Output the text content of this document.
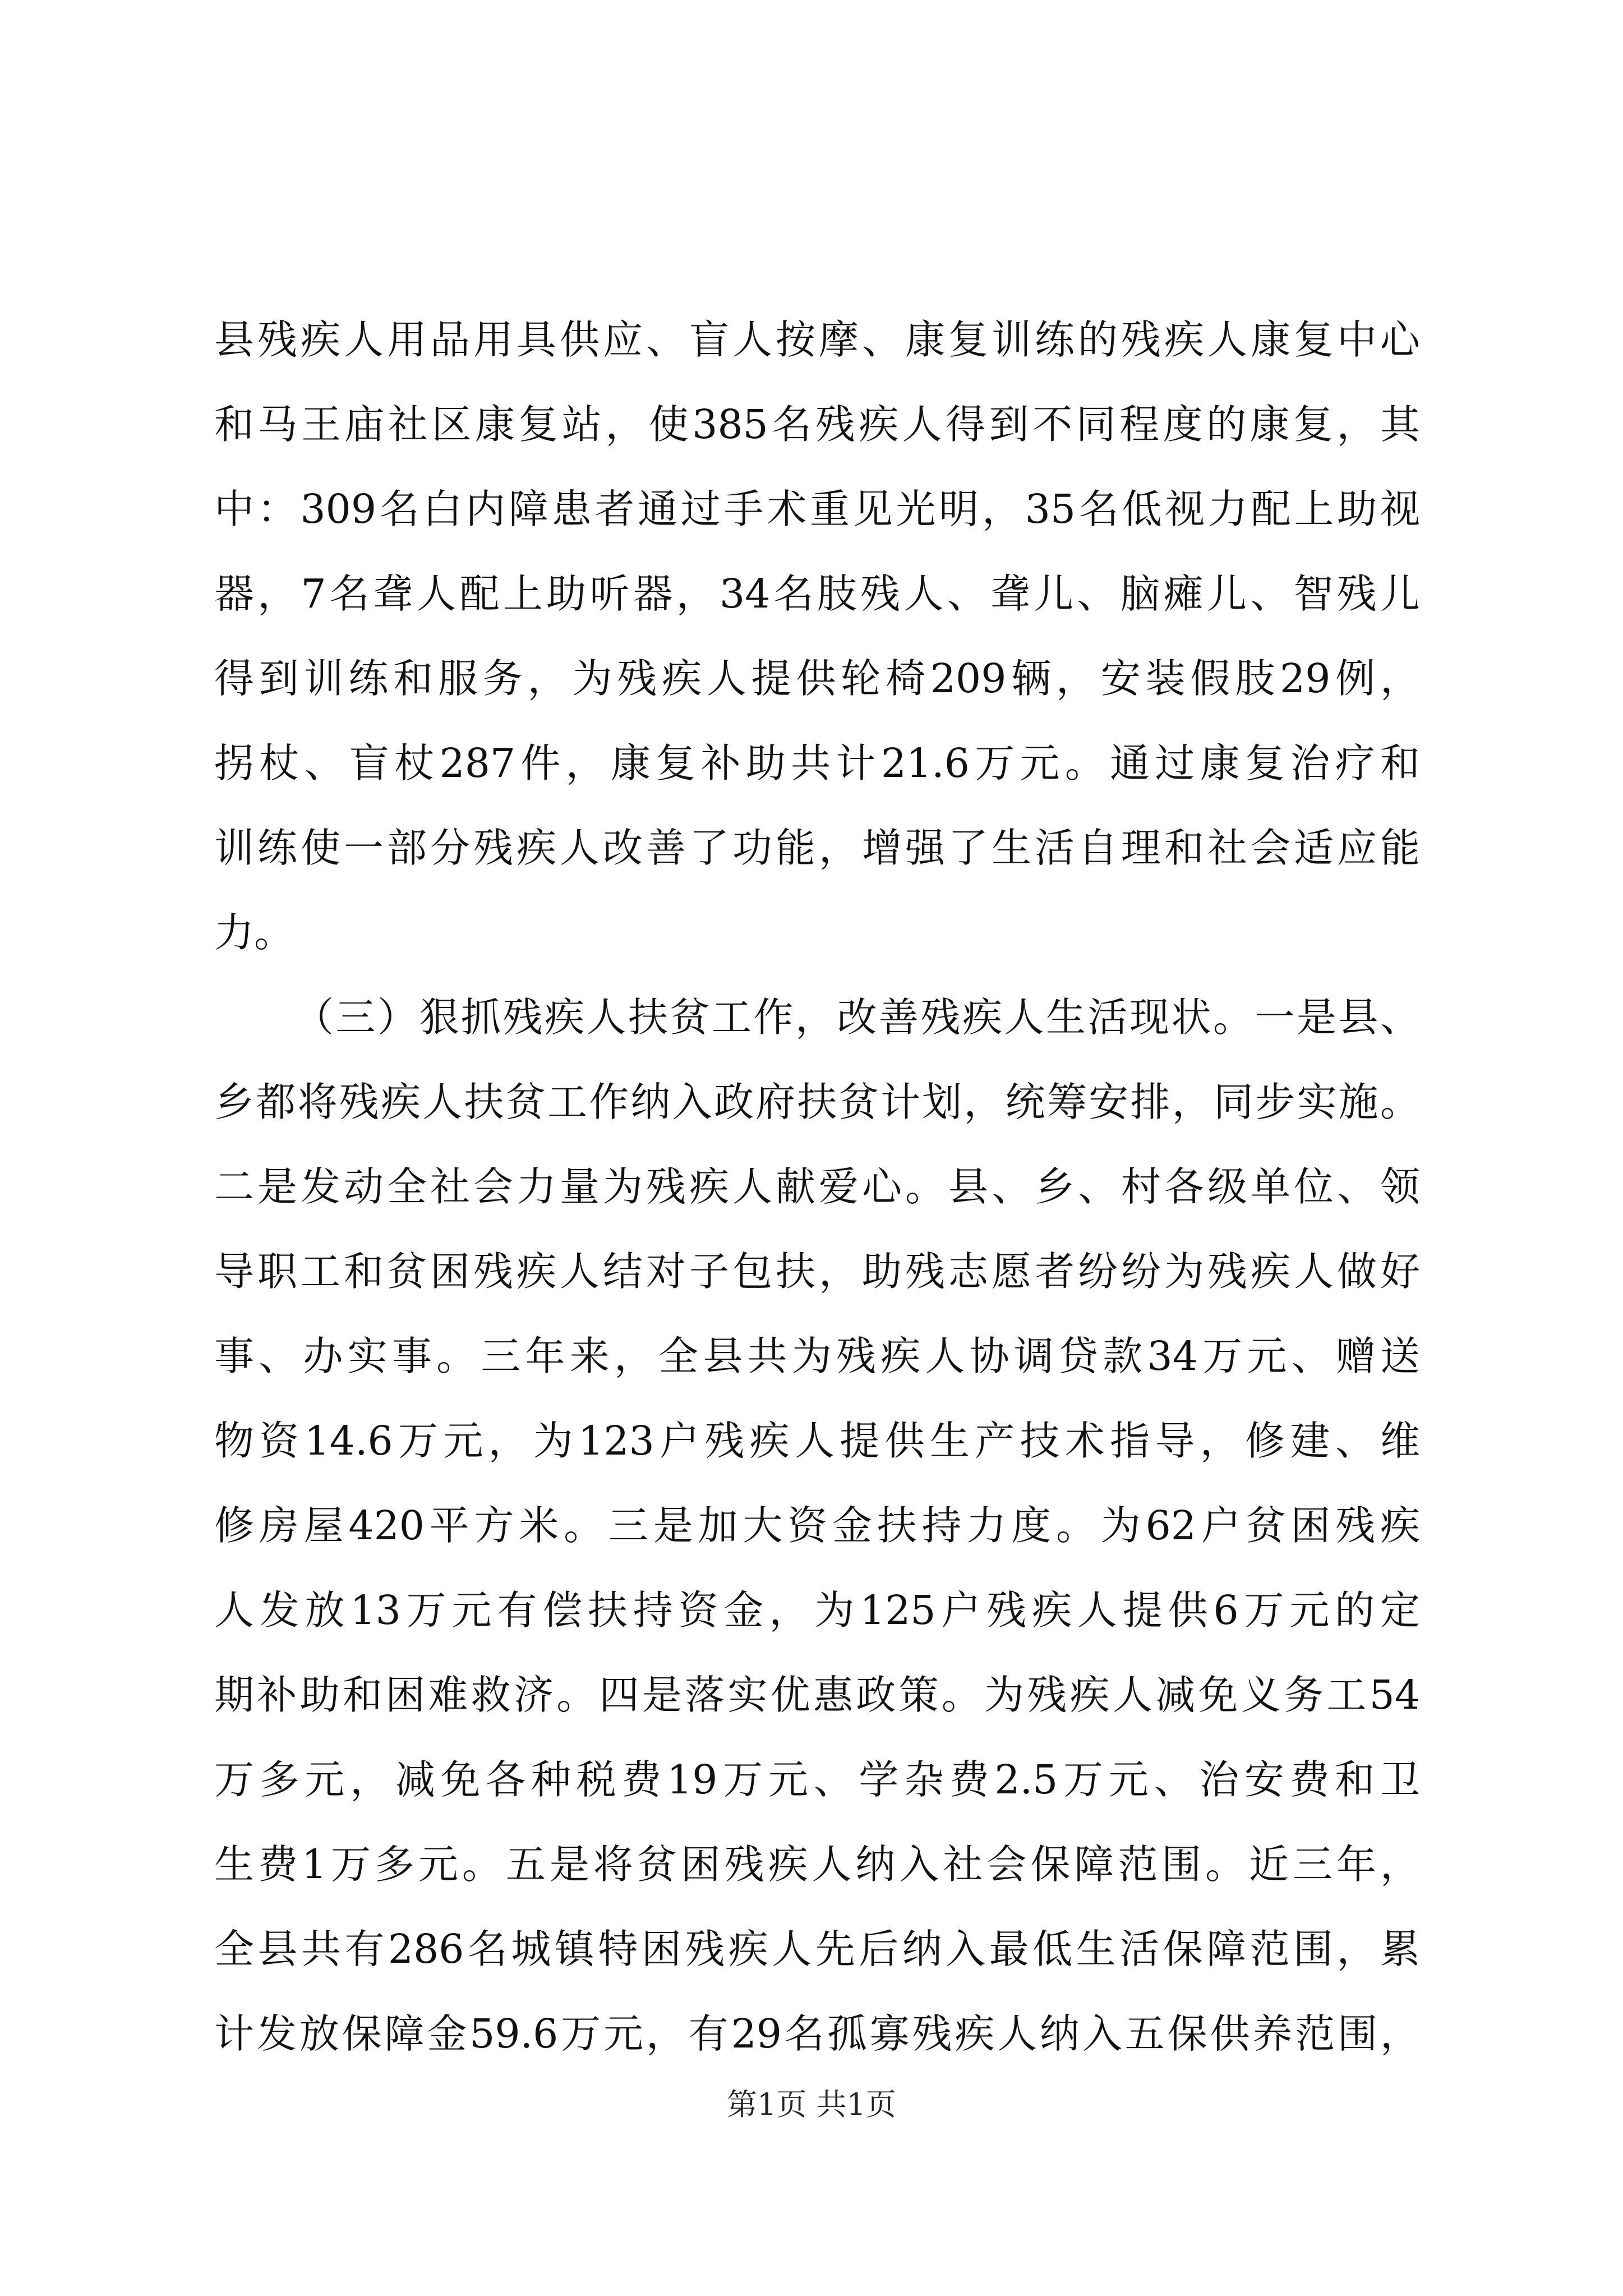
县残疾人用品用具供应、盲人按摩、康复训练的残疾人康复中心
和马王庙社区康复站，使385名残疾人得到不同程度的康复，其
中：309名白内障患者通过手术重见光明，35名低视力配上助视
器，7名聋人配上助听器，34名肢残人、聋儿、脑瘫儿、智残儿
得到训练和服务，为残疾人提供轮椅209辆，安装假肢29例，
拐杖、盲杖287件，康复补助共计21.6万元。通过康复治疗和
训练使一部分残疾人改善了功能，增强了生活自理和社会适应能
力。
（三）狠抓残疾人扶贫工作，改善残疾人生活现状。一是县、
乡都将残疾人扶贫工作纳入政府扶贫计划，统筹安排，同步实施。
二是发动全社会力量为残疾人献爱心。县、乡、村各级单位、领
导职工和贫困残疾人结对子包扶，助残志愿者纷纷为残疾人做好
事、办实事。三年来，全县共为残疾人协调贷款34万元、赠送
物资14.6万元，为123户残疾人提供生产技术指导，修建、维
修房屋420平方米。三是加大资金扶持力度。为62户贫困残疾
人发放13万元有偿扶持资金，为125户残疾人提供6万元的定
期补助和困难救济。四是落实优惠政策。为残疾人减免义务工54
万多元，减免各种税费19万元、学杂费2.5万元、治安费和卫
生费1万多元。五是将贫困残疾人纳入社会保障范围。近三年，
全县共有286名城镇特困残疾人先后纳入最低生活保障范围，累
计发放保障金59.6万元，有29名孤寡残疾人纳入五保供养范围，
第1页 共1页
